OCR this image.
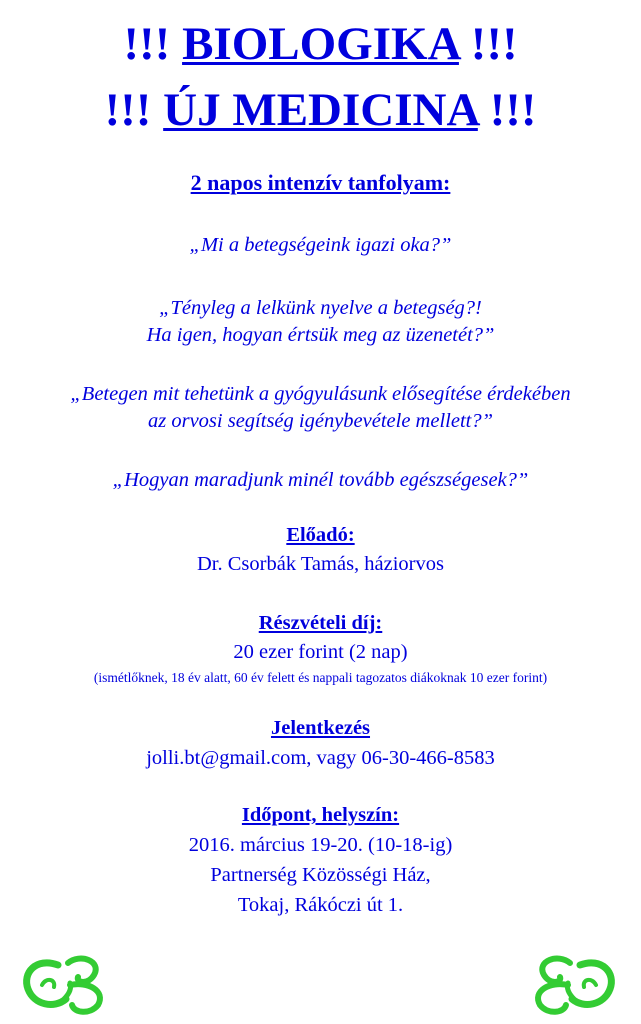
!!! BIOLOGIKA !!!
!!! ÚJ MEDICINA !!!
2 napos intenzív tanfolyam:
„Mi a betegségeink igazi oka?”
„Tényleg a lelkünk nyelve a betegség?!
Ha igen, hogyan értsük meg az üzenetét?”
„Betegen mit tehetünk a gyógyulásunk elősegítése érdekében
az orvosi segítség igénybevétele mellett?”
„Hogyan maradjunk minél tovább egészségesek?”
Előadó:
Dr. Csorbák Tamás, háziorvos
Részvételi díj:
20 ezer forint (2 nap)
(ismétlőknek, 18 év alatt, 60 év felett és nappali tagozatos diákoknak 10 ezer forint)
Jelentkezés
jolli.bt@gmail.com, vagy 06-30-466-8583
Időpont, helyszín:
2016. március 19-20. (10-18-ig)
Partnerség Közösségi Ház,
Tokaj, Rákóczi út 1.
